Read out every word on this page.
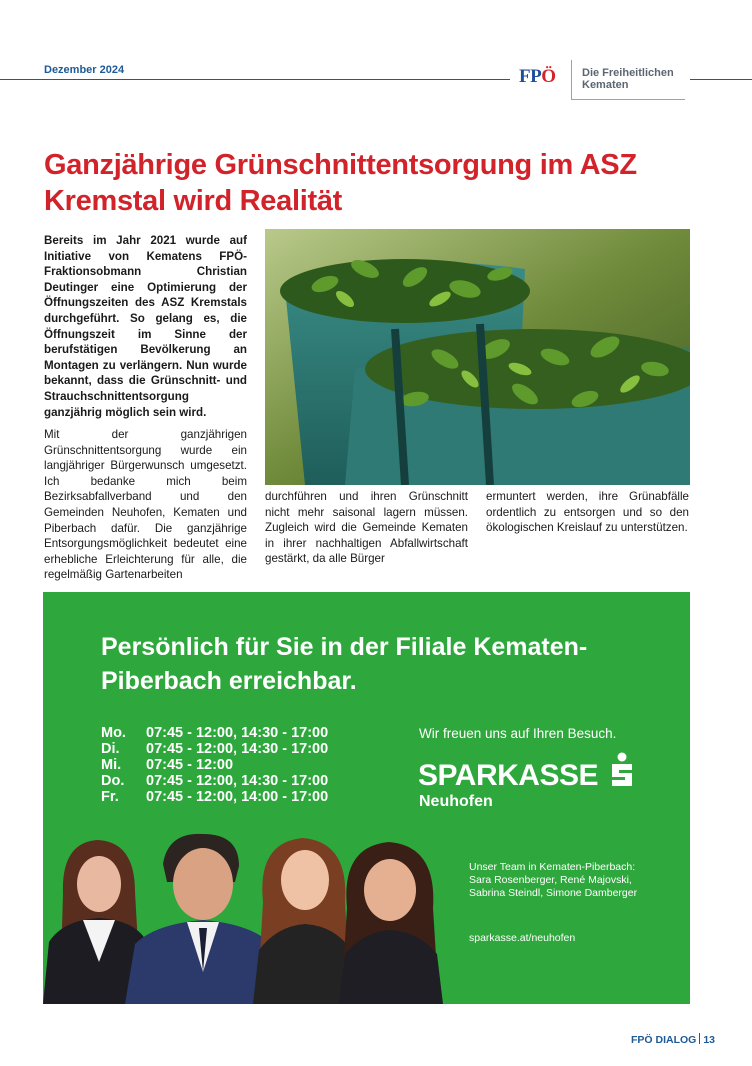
Dezember 2024	FPÖ Die Freiheitlichen
Kematen
Ganzjährige Grünschnittentsorgung im ASZ Kremstal wird Realität
Bereits im Jahr 2021 wurde auf Initiative von Kematens FPÖ-Fraktionsobmann Christian Deutinger eine Optimierung der Öffnungszeiten des ASZ Kremstals durchgeführt. So gelang es, die Öffnungszeit im Sinne der berufstätigen Bevölkerung an Montagen zu verlängern. Nun wurde bekannt, dass die Grünschnitt- und Strauchschnittentsorgung ganzjährig möglich sein wird.
Mit der ganzjährigen Grünschnittentsorgung wurde ein langjähriger Bürgerwunsch umgesetzt. Ich bedanke mich beim Bezirksabfallverband und den Gemeinden Neuhofen, Kematen und Piberbach dafür. Die ganzjährige Entsorgungsmöglichkeit bedeutet eine erhebliche Erleichterung für alle, die regelmäßig Gartenarbeiten
durchführen und ihren Grünschnitt nicht mehr saisonal lagern müssen. Zugleich wird die Gemeinde Kematen in ihrer nachhaltigen Abfallwirtschaft gestärkt, da alle Bürger
ermuntert werden, ihre Grünabfälle ordentlich zu entsorgen und so den ökologischen Kreislauf zu unterstützen.
Persönlich für Sie in der Filiale Kematen-Piberbach erreichbar.
Mo.	07:45 - 12:00, 14:30 - 17:00
Di.	07:45 - 12:00, 14:30 - 17:00
Mi.	07:45 - 12:00
Do.	07:45 - 12:00, 14:30 - 17:00
Fr.	07:45 - 12:00, 14:00 - 17:00
Wir freuen uns auf Ihren Besuch.
SPARKASSE
Neuhofen
Unser Team in Kematen-Piberbach:
Sara Rosenberger, René Majovski,
Sabrina Steindl, Simone Damberger
sparkasse.at/neuhofen
FPÖ DIALOG 13
